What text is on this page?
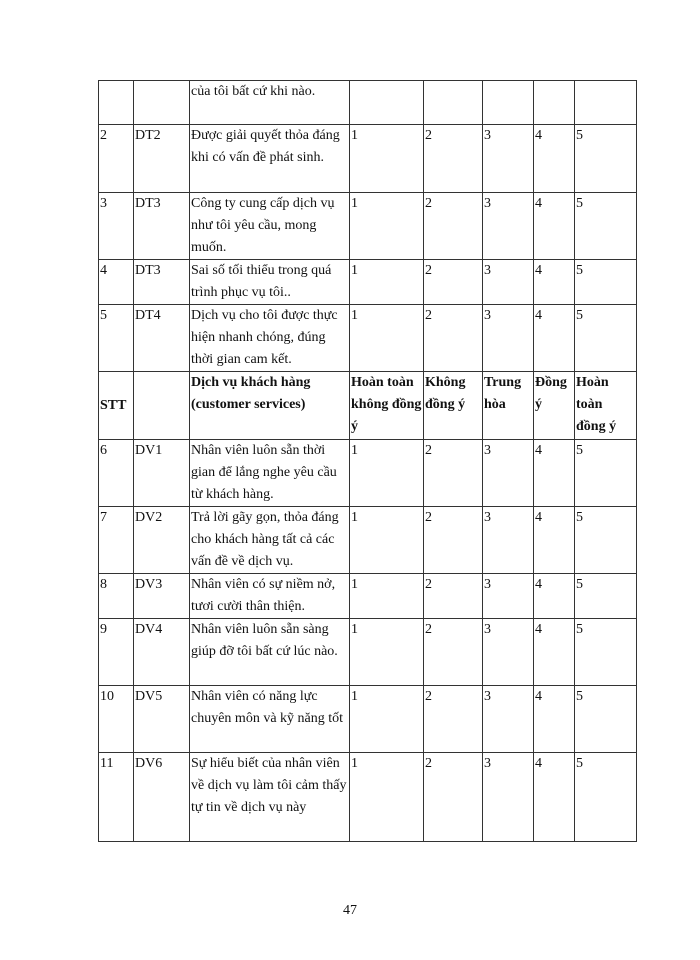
		của tôi bất cứ khi nào.					
2	DT2	Được giải quyết thỏa đáng khi có vấn đề phát sinh.	1	2	3	4	5
3	DT3	Công ty cung cấp dịch vụ như tôi yêu cầu, mong muốn.	1	2	3	4	5
4	DT3	Sai số tối thiểu trong quá trình phục vụ tôi..	1	2	3	4	5
5	DT4	Dịch vụ cho tôi được thực hiện nhanh chóng, đúng thời gian cam kết.	1	2	3	4	5
STT		Dịch vụ khách hàng (customer services)	Hoàn toàn không đồng ý	Không đồng ý	Trung hòa	Đồng ý	Hoàn toàn đồng ý
6	DV1	Nhân viên luôn sẵn thời gian để lắng nghe yêu cầu từ khách hàng.	1	2	3	4	5
7	DV2	Trả lời gãy gọn, thỏa đáng cho khách hàng tất cả các vấn đề về dịch vụ.	1	2	3	4	5
8	DV3	Nhân viên có sự niềm nở, tươi cười thân thiện.	1	2	3	4	5
9	DV4	Nhân viên luôn sẵn sàng giúp đỡ tôi bất cứ lúc nào.	1	2	3	4	5
10	DV5	Nhân viên có năng lực chuyên môn và kỹ năng tốt	1	2	3	4	5
11	DV6	Sự hiểu biết của nhân viên về dịch vụ làm tôi cảm thấy tự tin về dịch vụ này	1	2	3	4	5
47
